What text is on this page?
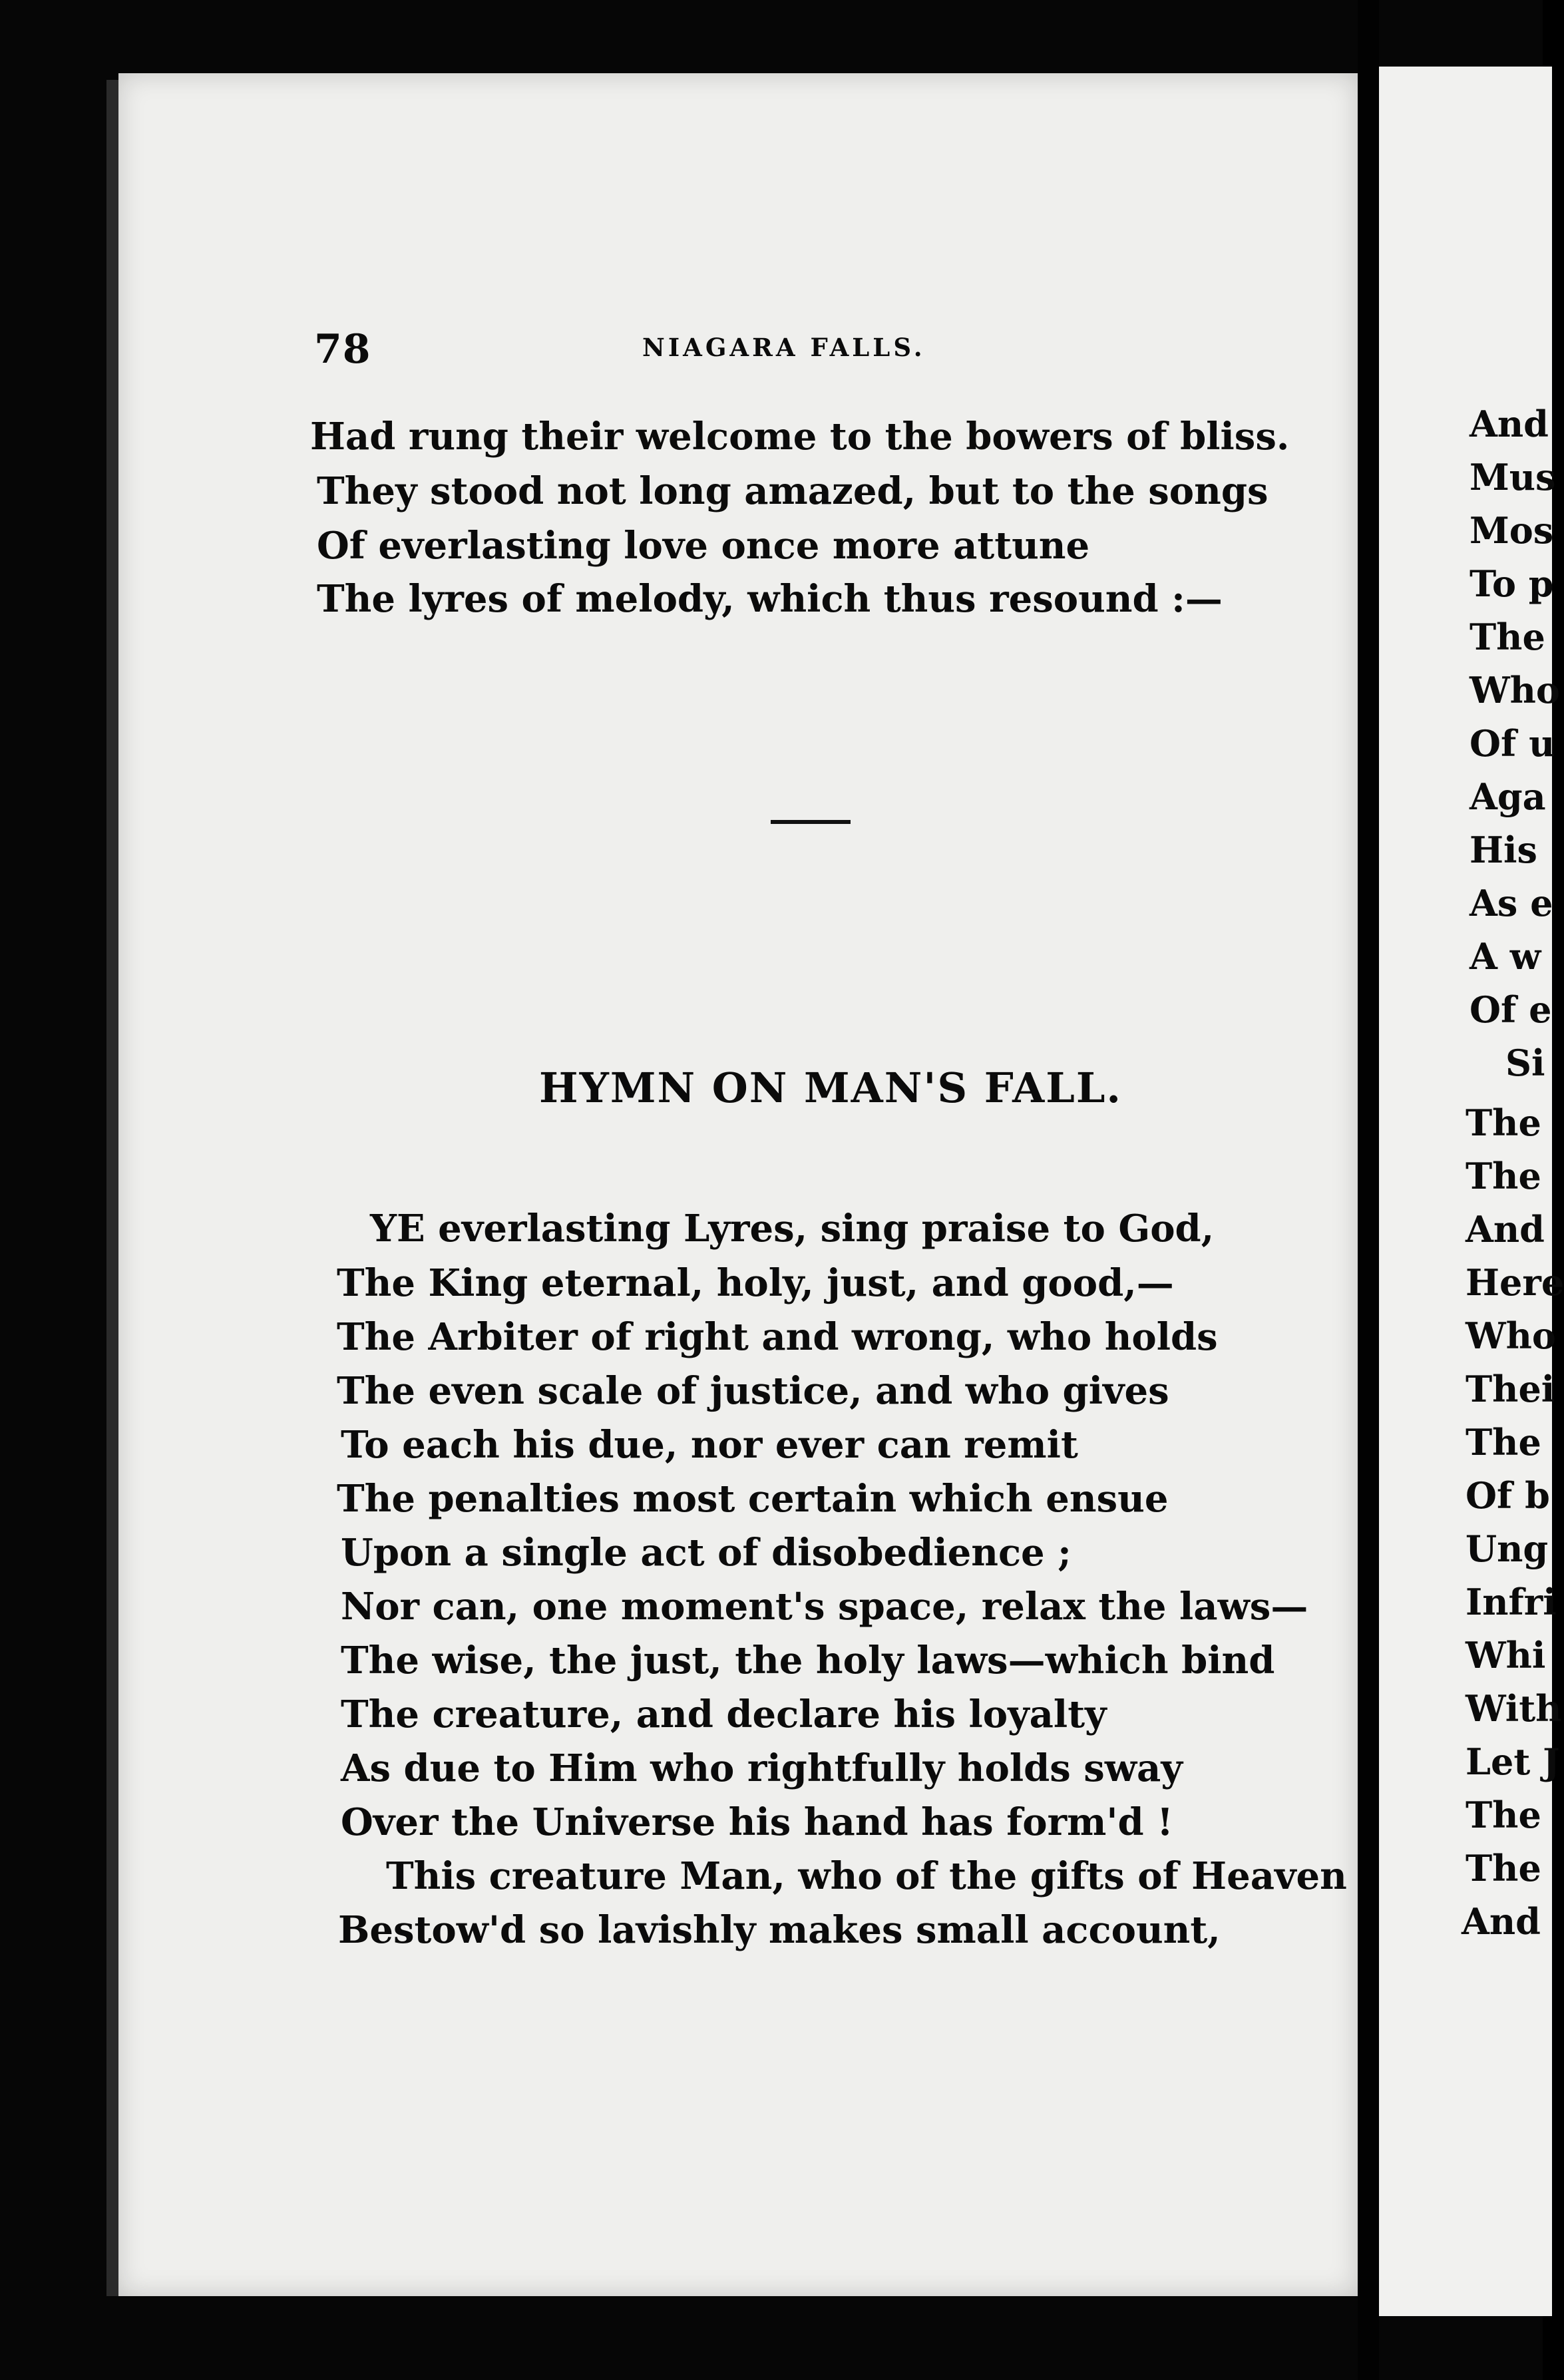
78	NIAGARA FALLS.
Had rung their welcome to the bowers of bliss.
They stood not long amazed, but to the songs
Of everlasting love once more attune
The lyres of melody, which thus resound :—
HYMN ON MAN'S FALL.
YE everlasting Lyres, sing praise to God,
The King eternal, holy, just, and good,—
The Arbiter of right and wrong, who holds
The even scale of justice, and who gives
To each his due, nor ever can remit
The penalties most certain which ensue
Upon a single act of disobedience ;
Nor can, one moment's space, relax the laws—
The wise, the just, the holy laws—which bind
The creature, and declare his loyalty
As due to Him who rightfully holds sway
Over the Universe his hand has form'd !
This creature Man, who of the gifts of Heaven
Bestow'd so lavishly makes small account,
And
Mus
Mos
To p
The
Who
Of u
Aga
His
As e
A w
Of e
Si
The
The
And
Here
Who
Thei
The
Of b
Ung
Infri
Whi
With
Let J
The
The
And
